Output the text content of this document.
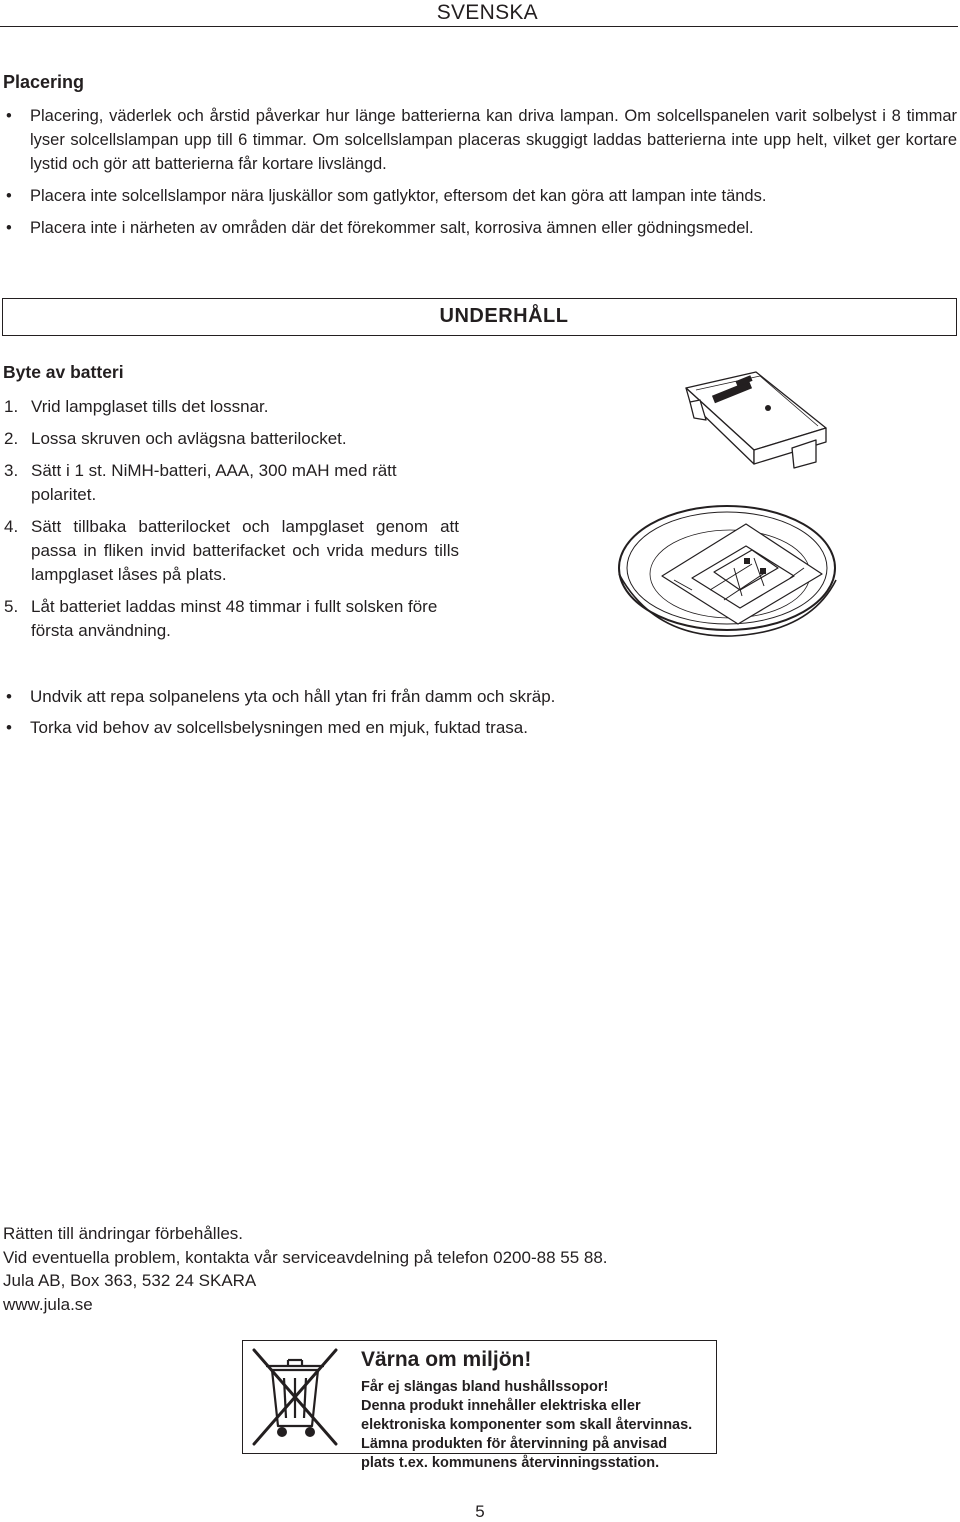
SVENSKA
Placering
• Placering, väderlek och årstid påverkar hur länge batterierna kan driva lampan. Om solcellspanelen varit solbelyst i 8 timmar lyser solcellslampan upp till 6 timmar. Om solcellslampan placeras skuggigt laddas batterierna inte upp helt, vilket ger kortare lystid och gör att batterierna får kortare livslängd.
• Placera inte solcellslampor nära ljuskällor som gatlyktor, eftersom det kan göra att lampan inte tänds.
• Placera inte i närheten av områden där det förekommer salt, korrosiva ämnen eller gödningsmedel.
UNDERHÅLL
Byte av batteri
1. Vrid lampglaset tills det lossnar.
2. Lossa skruven och avlägsna batterilocket.
3. Sätt i 1 st. NiMH-batteri, AAA, 300 mAH med rätt polaritet.
4. Sätt tillbaka batterilocket och lampglaset genom att passa in fliken invid batterifacket och vrida medurs tills lampglaset låses på plats.
5. Låt batteriet laddas minst 48 timmar i fullt solsken före första användning.
• Undvik att repa solpanelens yta och håll ytan fri från damm och skräp.
• Torka vid behov av solcellsbelysningen med en mjuk, fuktad trasa.
Rätten till ändringar förbehålles.
Vid eventuella problem, kontakta vår serviceavdelning på telefon 0200-88 55 88.
Jula AB, Box 363, 532 24 SKARA
www.jula.se
Värna om miljön!
Får ej slängas bland hushållssopor!
Denna produkt innehåller elektriska eller
elektroniska komponenter som skall återvinnas.
Lämna produkten för återvinning på anvisad
plats t.ex. kommunens återvinningsstation.
5
